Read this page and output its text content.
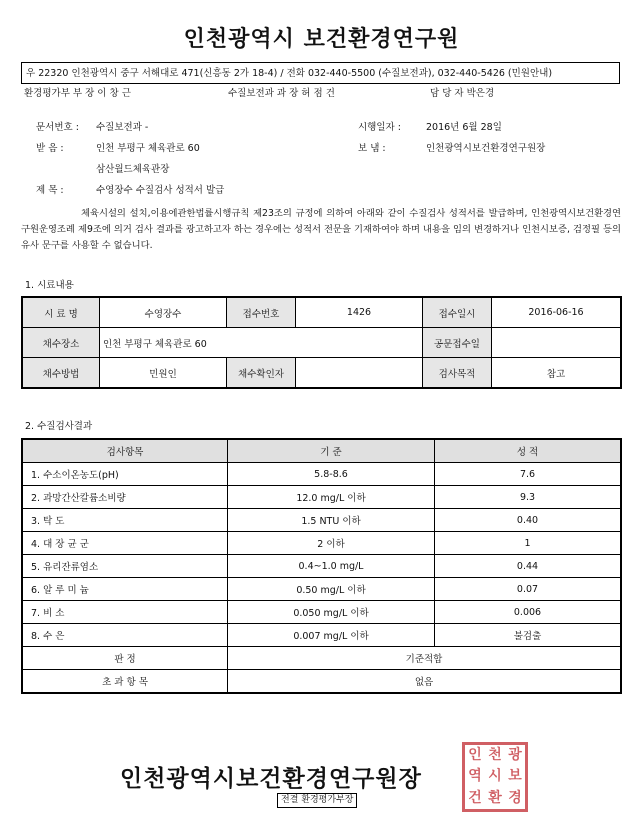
인천광역시 보건환경연구원
우 22320 인천광역시 중구 서해대로 471(신흥동 2가 18-4) / 전화 032-440-5500 (수질보전과), 032-440-5426 (민원안내)
환경평가부 부 장 이 창 근	수질보전과 과 장 허 점 건	담 당 자 박은경
문서번호 : 수질보전과 -	시행일자 :	2016년 6월 28일
받 음 :	인천 부평구 체육관로 60	보 냄 :	인천광역시보건환경연구원장
삼산월드체육관장
제 목 :	수영장수 수질검사 성적서 발급
체육시설의 설치,이용에관한법률시행규칙 제23조의 규정에 의하여 아래와 같이 수질검사 성적서를 발급하며, 인천광역시보건환경연구원운영조례 제9조에 의거 검사 결과를 광고하고자 하는 경우에는 성적서 전문을 기재하여야 하며 내용을 임의 변경하거나 인천시보증, 검정필 등의 유사 문구를 사용할 수 없습니다.
1. 시료내용
시 료 명	수영장수	접수번호	1426	접수일시	2016-06-16
채수장소	인천 부평구 체육관로 60			공문접수일	
채수방법	민원인	채수확인자		검사목적	참고
2. 수질검사결과
검사항목	기 준	성 적
1. 수소이온농도(pH)	5.8-8.6	7.6
2. 과망간산칼륨소비량	12.0 mg/L 이하	9.3
3. 탁 도	1.5 NTU 이하	0.40
4. 대 장 균 군	2 이하	1
5. 유리잔류염소	0.4~1.0 mg/L	0.44
6. 알 루 미 늄	0.50 mg/L 이하	0.07
7. 비 소	0.050 mg/L 이하	0.006
8. 수 은	0.007 mg/L 이하	불검출
판 정	기준적합	
초 과 항 목	없음	
인천광역시보건환경연구원장
전결 환경평가부장
인 천 광
역 시 보
건 환 경
